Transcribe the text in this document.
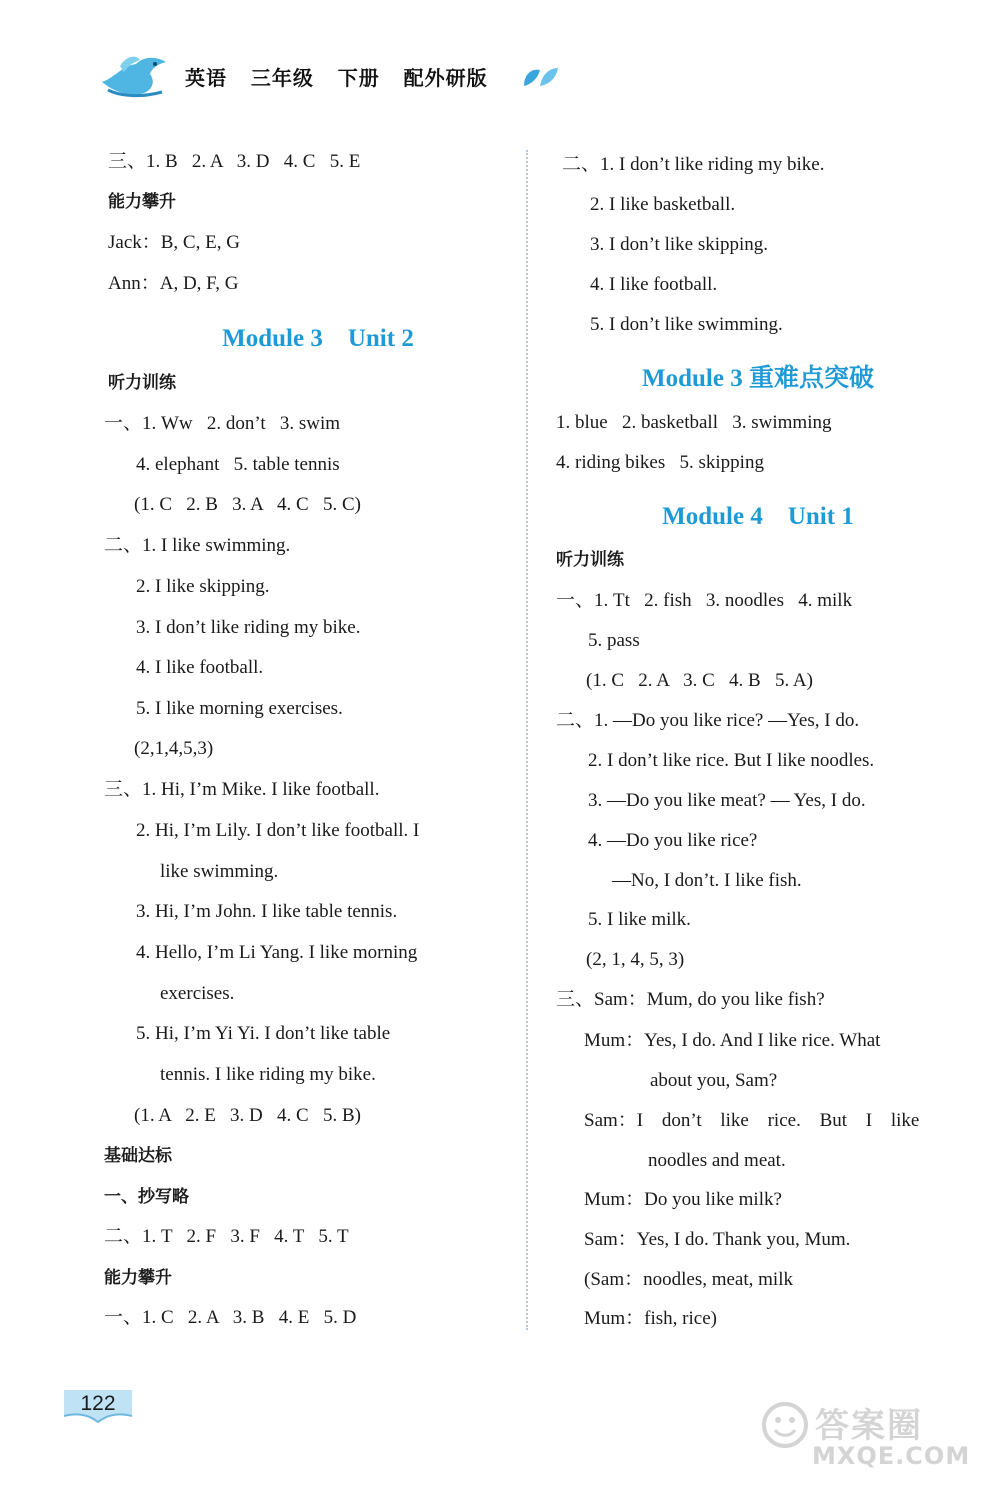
英语   三年级   下册   配外研版
三、1. B   2. A   3. D   4. C   5. E
能力攀升
Jack：B, C, E, G
Ann：A, D, F, G
Module 3    Unit 2
听力训练
一、1. Ww   2. don’t   3. swim
4. elephant   5. table tennis
(1. C   2. B   3. A   4. C   5. C)
二、1. I like swimming.
2. I like skipping.
3. I don’t like riding my bike.
4. I like football.
5. I like morning exercises.
(2,1,4,5,3)
三、1. Hi, I’m Mike. I like football.
2. Hi, I’m Lily. I don’t like football. I
like swimming.
3. Hi, I’m John. I like table tennis.
4. Hello, I’m Li Yang. I like morning
exercises.
5. Hi, I’m Yi Yi. I don’t like table
tennis. I like riding my bike.
(1. A   2. E   3. D   4. C   5. B)
基础达标
一、抄写略
二、1. T   2. F   3. F   4. T   5. T
能力攀升
一、1. C   2. A   3. B   4. E   5. D
二、1. I don’t like riding my bike.
2. I like basketball.
3. I don’t like skipping.
4. I like football.
5. I don’t like swimming.
Module 3 重难点突破
1. blue   2. basketball   3. swimming
4. riding bikes   5. skipping
Module 4    Unit 1
听力训练
一、1. Tt   2. fish   3. noodles   4. milk
5. pass
(1. C   2. A   3. C   4. B   5. A)
二、1. —Do you like rice? —Yes, I do.
2. I don’t like rice. But I like noodles.
3. —Do you like meat? — Yes, I do.
4. —Do you like rice?
—No, I don’t. I like fish.
5. I like milk.
(2, 1, 4, 5, 3)
三、Sam：Mum, do you like fish?
Mum：Yes, I do. And I like rice. What
about you, Sam?
Sam：I don’t like rice. But I like
noodles and meat.
Mum：Do you like milk?
Sam：Yes, I do. Thank you, Mum.
(Sam：noodles, meat, milk
Mum：fish, rice)
122
答案圈
MXQE.COM
